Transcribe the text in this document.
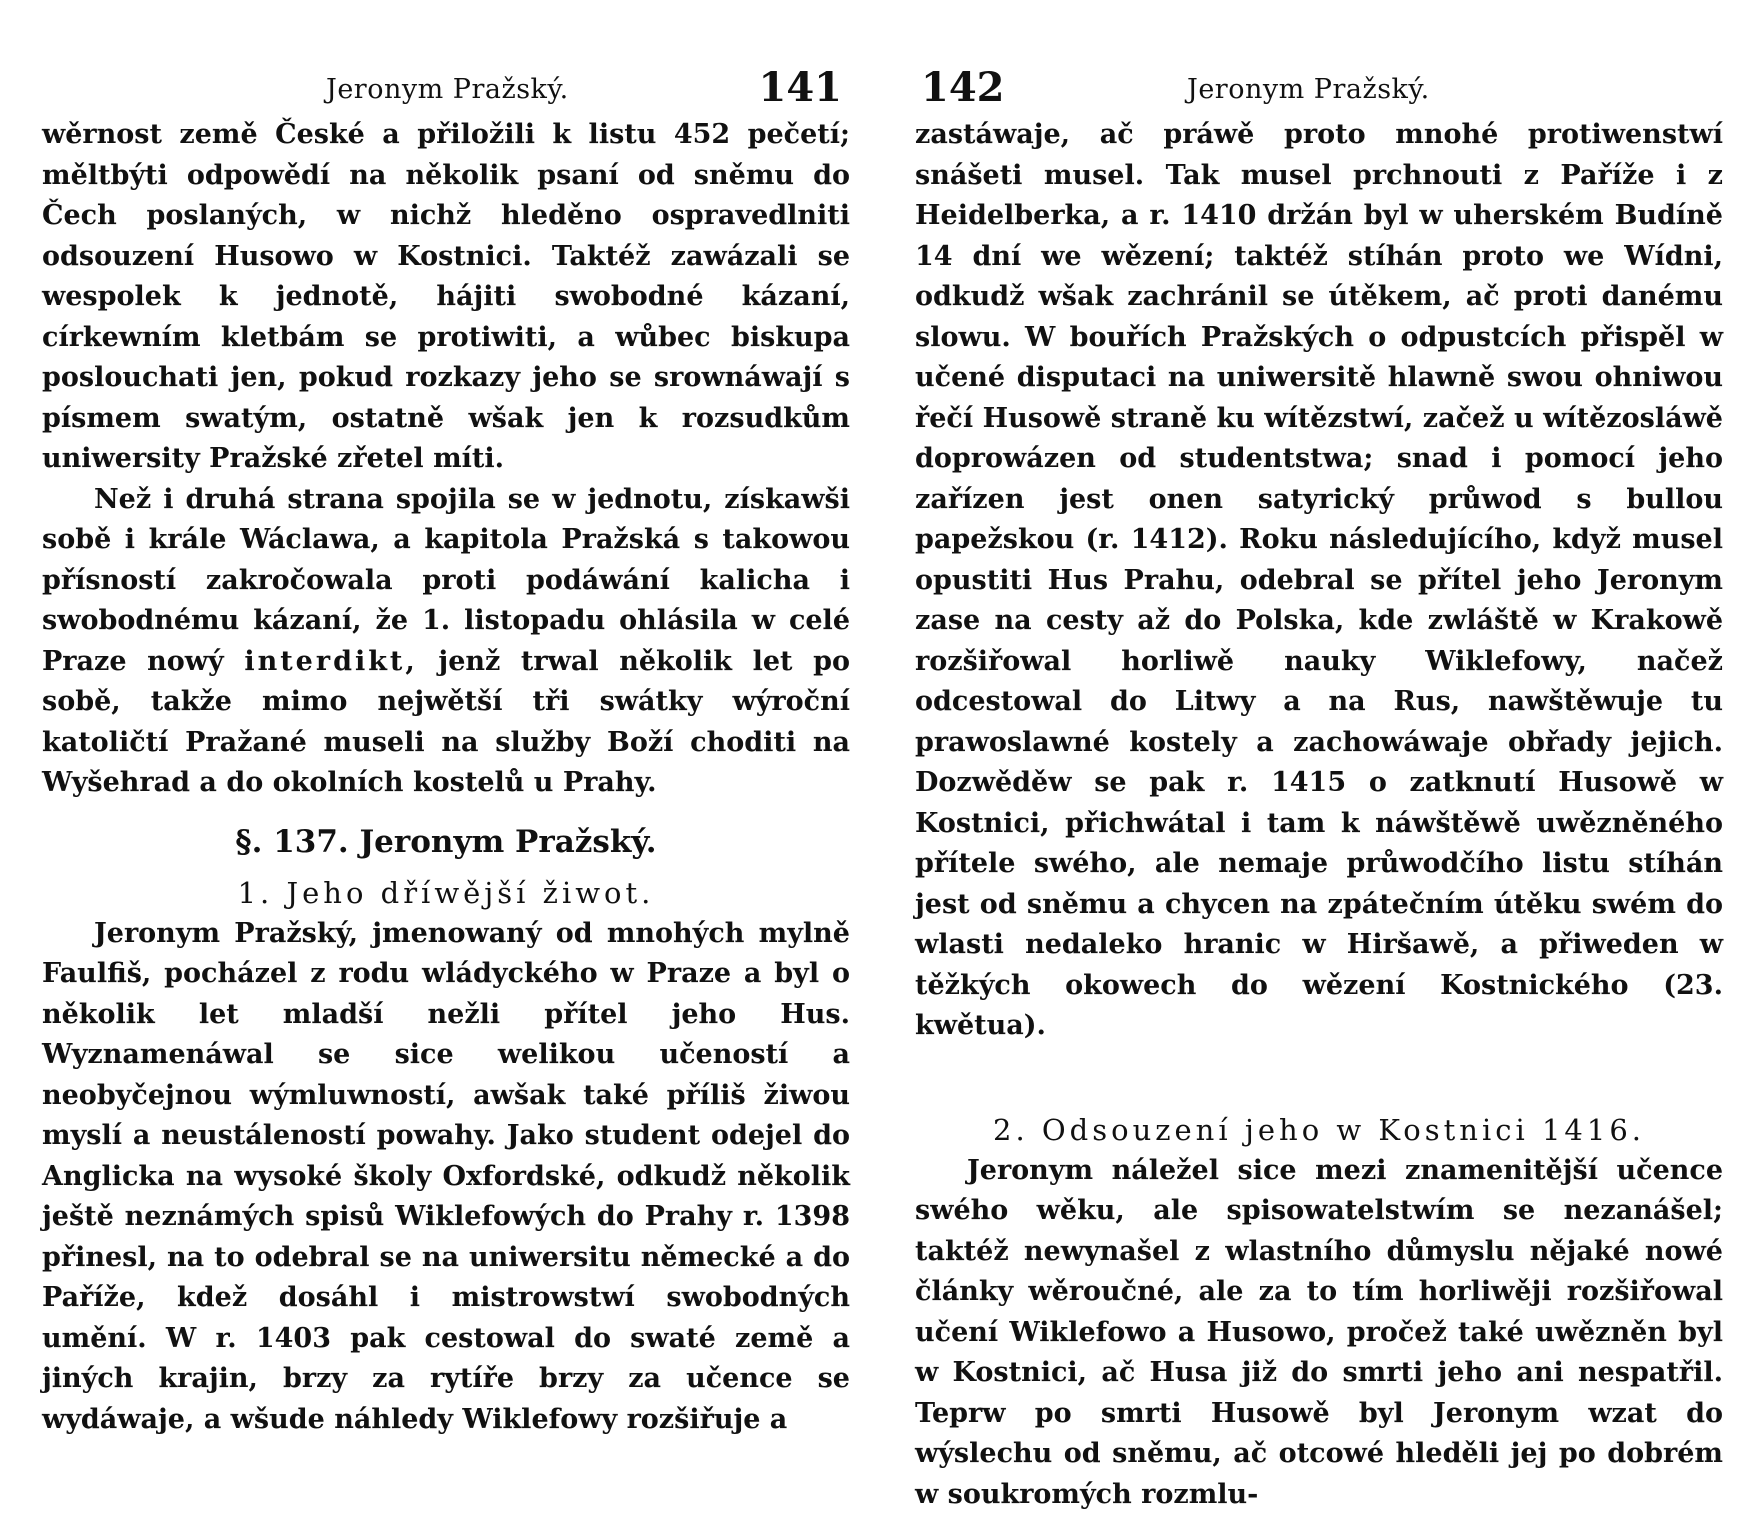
Jeronym Pražský.	141

wěrnost země České a přiložili k listu 452 pečetí; měltbýti odpowědí na několik psaní od sněmu do Čech poslaných, w nichž hleděno ospravedlniti odsouzení Husowo w Kostnici. Taktéž zawázali se wespolek k jednotě, hájiti swobodné kázaní, církewním kletbám se protiwiti, a wůbec biskupa poslouchati jen, pokud rozkazy jeho se srownáwají s písmem swatým, ostatně wšak jen k rozsudkům uniwersity Pražské zřetel míti.

Než i druhá strana spojila se w jednotu, získawši sobě i krále Wáclawa, a kapitola Pražská s takowou přísností zakročowala proti podáwání kalicha i swobodnému kázaní, že 1. listopadu ohlásila w celé Praze nowý interdikt, jenž trwal několik let po sobě, takže mimo nejwětší tři swátky wýroční katoličtí Pražané museli na služby Boží choditi na Wyšehrad a do okolních kostelů u Prahy.

§. 137. Jeronym Pražský.
1. Jeho dříwější žiwot.

Jeronym Pražský, jmenowaný od mnohých mylně Faulfiš, pocházel z rodu wládyckého w Praze a byl o několik let mladší nežli přítel jeho Hus. Wyznamenáwal se sice welikou učeností a neobyčejnou wýmluwností, awšak také příliš žiwou myslí a neustáleností powahy. Jako student odejel do Anglicka na wysoké školy Oxfordské, odkudž několik ještě neznámých spisů Wiklefowých do Prahy r. 1398 přinesl, na to odebral se na uniwersitu německé a do Paříže, kdež dosáhl i mistrowstwí swobodných umění. W r. 1403 pak cestowal do swaté země a jiných krajin, brzy za rytíře brzy za učence se wydáwaje, a wšude náhledy Wiklefowy rozšiřuje a

142	Jeronym Pražský.

zastáwaje, ač práwě proto mnohé protiwenstwí snášeti musel. Tak musel prchnouti z Paříže i z Heidelberka, a r. 1410 držán byl w uherském Budíně 14 dní we wězení; taktéž stíhán proto we Wídni, odkudž wšak zachránil se útěkem, ač proti danému slowu. W bouřích Pražských o odpustcích přispěl w učené disputaci na uniwersitě hlawně swou ohniwou řečí Husowě straně ku wítězstwí, začež u wítězosláwě doprowázen od studentstwa; snad i pomocí jeho zařízen jest onen satyrický průwod s bullou papežskou (r. 1412). Roku následujícího, když musel opustiti Hus Prahu, odebral se přítel jeho Jeronym zase na cesty až do Polska, kde zwláště w Krakowě rozšiřowal horliwě nauky Wiklefowy, načež odcestowal do Litwy a na Rus, nawštěwuje tu prawoslawné kostely a zachowáwaje obřady jejich. Dozwěděw se pak r. 1415 o zatknutí Husowě w Kostnici, přichwátal i tam k náwštěwě uwězněného přítele swého, ale nemaje průwodčího listu stíhán jest od sněmu a chycen na zpátečním útěku swém do wlasti nedaleko hranic w Hiršawě, a přiweden w těžkých okowech do wězení Kostnického (23. kwětua).

2. Odsouzení jeho w Kostnici 1416.

Jeronym náležel sice mezi znamenitější učence swého wěku, ale spisowatelstwím se nezanášel; taktéž newynašel z wlastního důmyslu nějaké nowé články wěroučné, ale za to tím horliwěji rozšiřowal učení Wiklefowo a Husowo, pročež také uwězněn byl w Kostnici, ač Husa již do smrti jeho ani nespatřil. Teprw po smrti Husowě byl Jeronym wzat do wýslechu od sněmu, ač otcowé hleděli jej po dobrém w soukromých rozmlu-
